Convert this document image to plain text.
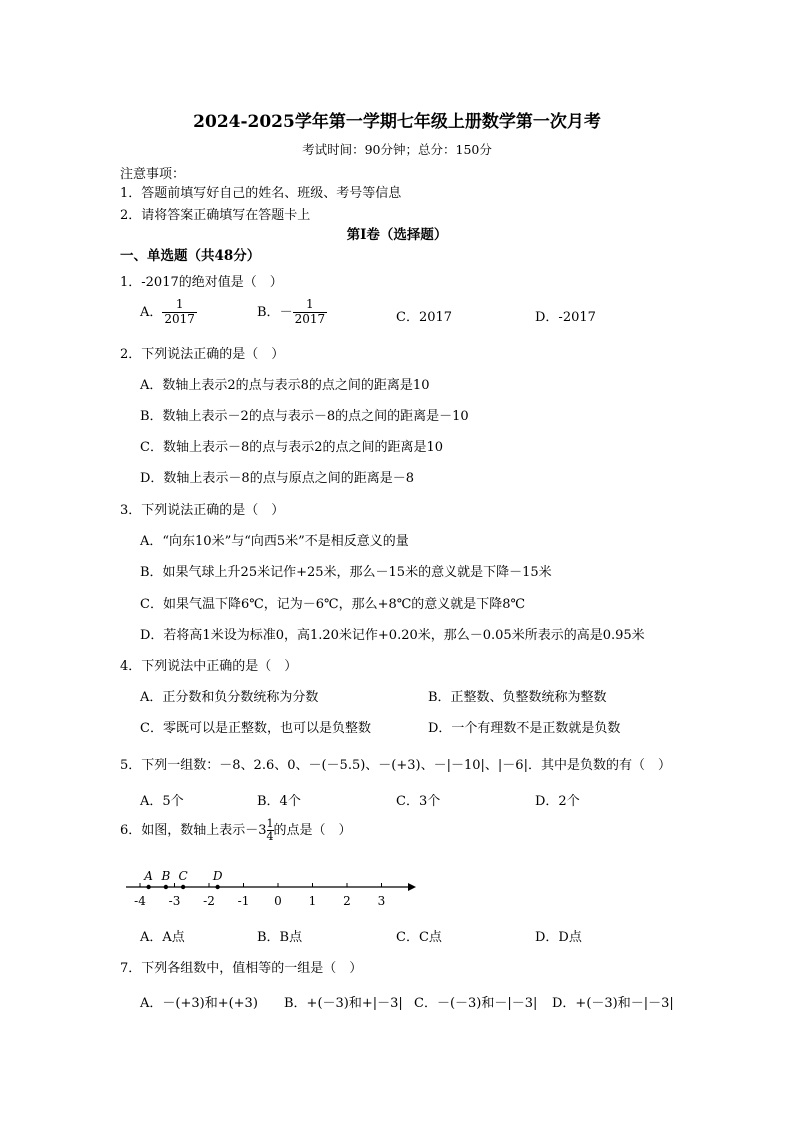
2024-2025学年第一学期七年级上册数学第一次月考
考试时间：90分钟；总分：150分
注意事项：
1．答题前填写好自己的姓名、班级、考号等信息
2．请将答案正确填写在答题卡上
第I卷（选择题）
一、单选题（共48分）
1．-2017的绝对值是（　）
A． $\frac{1}{2017}$	B．－ $\frac{1}{2017}$	C．2017	D．-2017
2．下列说法正确的是（　）
A．数轴上表示2的点与表示8的点之间的距离是10
B．数轴上表示－2的点与表示－8的点之间的距离是－10
C．数轴上表示－8的点与表示2的点之间的距离是10
D．数轴上表示－8的点与原点之间的距离是－8
3．下列说法正确的是（　）
A．“向东10米”与“向西5米”不是相反意义的量
B．如果气球上升25米记作+25米，那么－15米的意义就是下降－15米
C．如果气温下降6℃，记为－6℃，那么+8℃的意义就是下降8℃
D．若将高1米设为标准0，高1.20米记作+0.20米，那么－0.05米所表示的高是0.95米
4．下列说法中正确的是（　）
A．正分数和负分数统称为分数	B．正整数、负整数统称为整数
C．零既可以是正整数，也可以是负整数	D．一个有理数不是正数就是负数
5．下列一组数：－8、2.6、0、－(－5.5)、－(+3)、－|－10|、|－6|．其中是负数的有（　）
A．5个	B．4个	C．3个	D．2个
6．如图，数轴上表示$-3 \frac{1}{4}$ 的点是（　）
-4 -3 -2 -1 0 1 2 3
A B C D
A．A点	B．B点	C．C点	D．D点
7．下列各组数中，值相等的一组是（　）
A．－(+3)和+(+3) B．+(－3)和+|－3| C．－(－3)和－|－3| D．+(－3)和－|－3|
